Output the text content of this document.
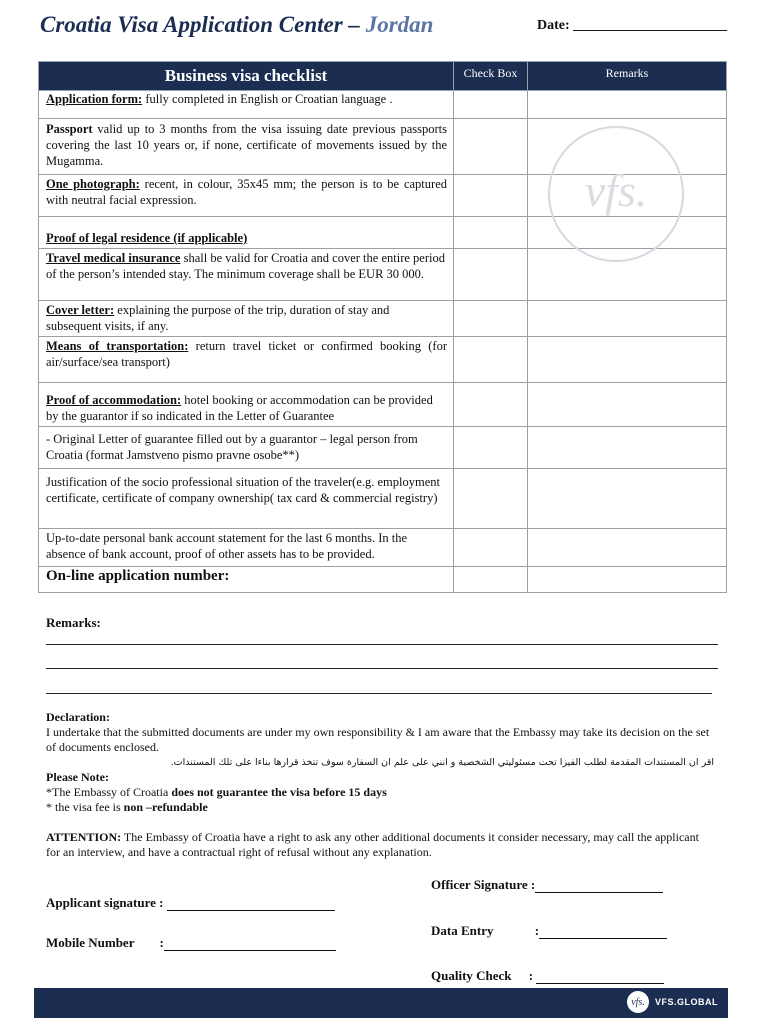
Croatia Visa Application Center – Jordan	Date: ______________________
Business visa checklist	Check Box	Remarks
Application form: fully completed in English or Croatian language .		
Passport valid up to 3 months from the visa issuing date previous passports covering the last 10 years or, if none, certificate of movements issued by the Mugamma.		
One photograph: recent, in colour, 35x45 mm; the person is to be captured with neutral facial expression.		
Proof of legal residence (if applicable)		
Travel medical insurance shall be valid for Croatia and cover the entire period of the person’s intended stay. The minimum coverage shall be EUR 30 000.		
Cover letter: explaining the purpose of the trip, duration of stay and subsequent visits, if any.		
Means of transportation: return travel ticket or confirmed booking (for air/surface/sea transport)		
Proof of accommodation: hotel booking or accommodation can be provided by the guarantor if so indicated in the Letter of Guarantee		
- Original Letter of guarantee filled out by a guarantor – legal person from Croatia (format Jamstveno pismo pravne osobe**)		
Justification of the socio professional situation of the traveler(e.g. employment certificate, certificate of company ownership( tax card & commercial registry)		
Up-to-date personal bank account statement for the last 6 months. In the absence of bank account, proof of other assets has to be provided.		
On-line application number:		
vfs.
Remarks:
Declaration:
I undertake that the submitted documents are under my own responsibility & I am aware that the Embassy may take its decision on the set of documents enclosed.
اقر ان المستندات المقدمة لطلب الفيزا تحت مسئوليتي الشخصية و انني على علم ان السفارة سوف تتخذ قرارها بناءا على تلك المستندات.
Please Note:
*The Embassy of Croatia does not guarantee the visa before 15 days
* the visa fee is non –refundable
ATTENTION: The Embassy of Croatia have a right to ask any other additional documents it consider necessary, may call the applicant for an interview, and have a contractual right of refusal without any explanation.
Officer Signature :
Applicant signature :
Data Entry	:
Mobile Number :
Quality Check :
vfs.	VFS.GLOBAL
